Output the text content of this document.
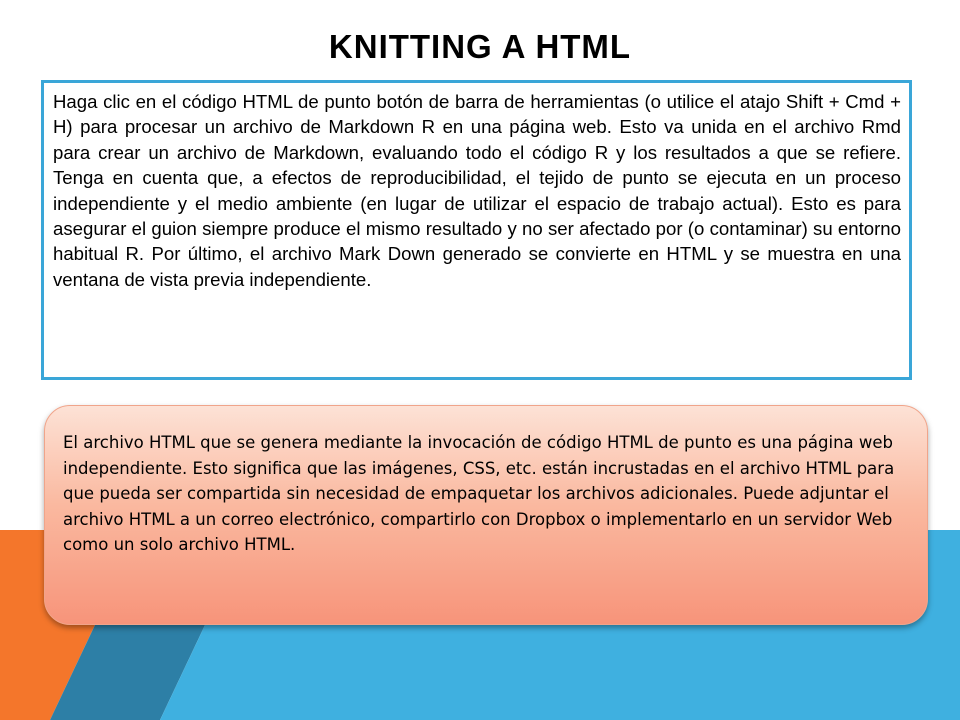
KNITTING A HTML

Haga clic en el código HTML de punto botón de barra de herramientas (o utilice el atajo Shift + Cmd + H) para procesar un archivo de Markdown R en una página web. Esto va unida en el archivo Rmd para crear un archivo de Markdown, evaluando todo el código R y los resultados a que se refiere. Tenga en cuenta que, a efectos de reproducibilidad, el tejido de punto se ejecuta en un proceso independiente y el medio ambiente (en lugar de utilizar el espacio de trabajo actual). Esto es para asegurar el guion siempre produce el mismo resultado y no ser afectado por (o contaminar) su entorno habitual R. Por último, el archivo Mark Down generado se convierte en HTML y se muestra en una ventana de vista previa independiente.

El archivo HTML que se genera mediante la invocación de código HTML de punto es una página web independiente. Esto significa que las imágenes, CSS, etc. están incrustadas en el archivo HTML para que pueda ser compartida sin necesidad de empaquetar los archivos adicionales. Puede adjuntar el archivo HTML a un correo electrónico, compartirlo con Dropbox o implementarlo en un servidor Web como un solo archivo HTML.
